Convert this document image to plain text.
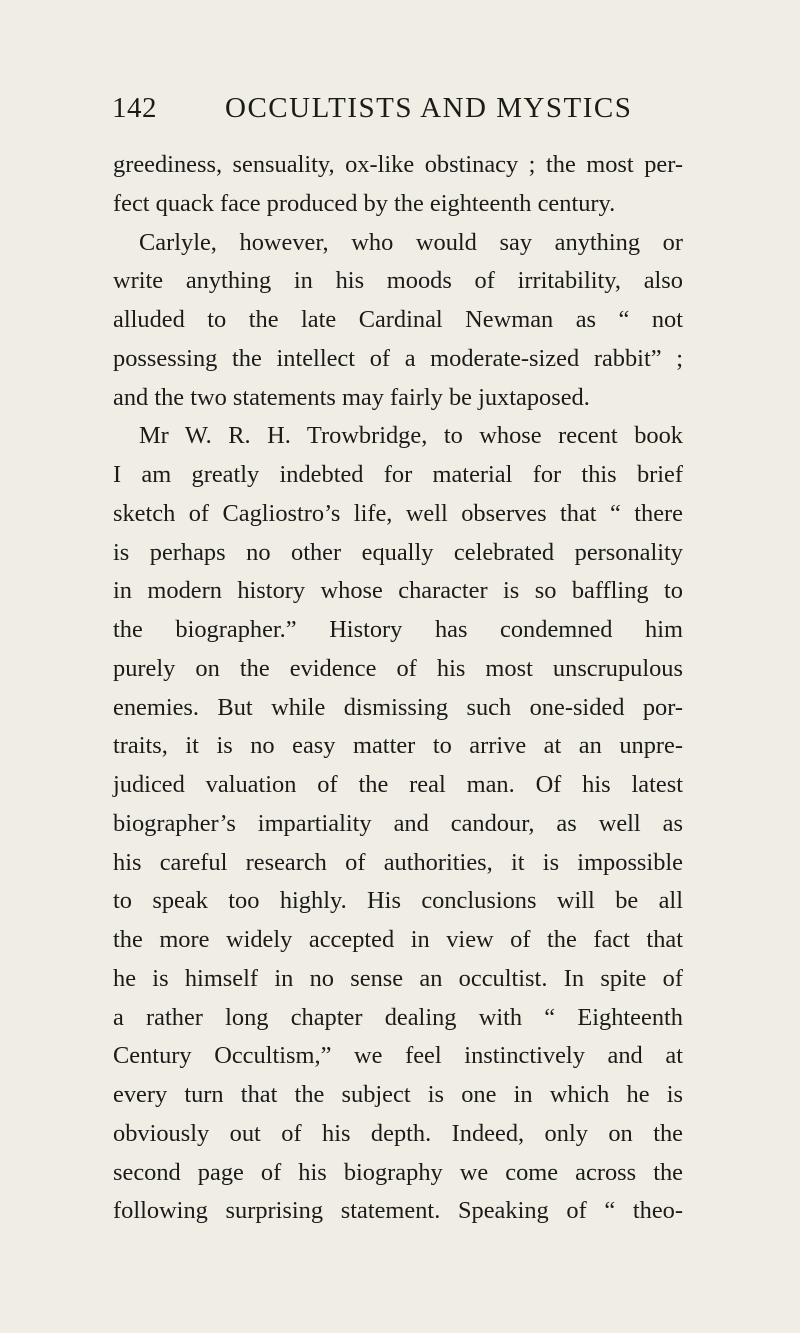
142 OCCULTISTS AND MYSTICS
greediness, sensuality, ox-like obstinacy ; the most per-
fect quack face produced by the eighteenth century.
Carlyle, however, who would say anything or
write anything in his moods of irritability, also
alluded to the late Cardinal Newman as “ not
possessing the intellect of a moderate-sized rabbit” ;
and the two statements may fairly be juxtaposed.
Mr W. R. H. Trowbridge, to whose recent book
I am greatly indebted for material for this brief
sketch of Cagliostro’s life, well observes that “ there
is perhaps no other equally celebrated personality
in modern history whose character is so baffling to
the biographer.” History has condemned him
purely on the evidence of his most unscrupulous
enemies. But while dismissing such one-sided por-
traits, it is no easy matter to arrive at an unpre-
judiced valuation of the real man. Of his latest
biographer’s impartiality and candour, as well as
his careful research of authorities, it is impossible
to speak too highly. His conclusions will be all
the more widely accepted in view of the fact that
he is himself in no sense an occultist. In spite of
a rather long chapter dealing with “ Eighteenth
Century Occultism,” we feel instinctively and at
every turn that the subject is one in which he is
obviously out of his depth. Indeed, only on the
second page of his biography we come across the
following surprising statement. Speaking of “ theo-
